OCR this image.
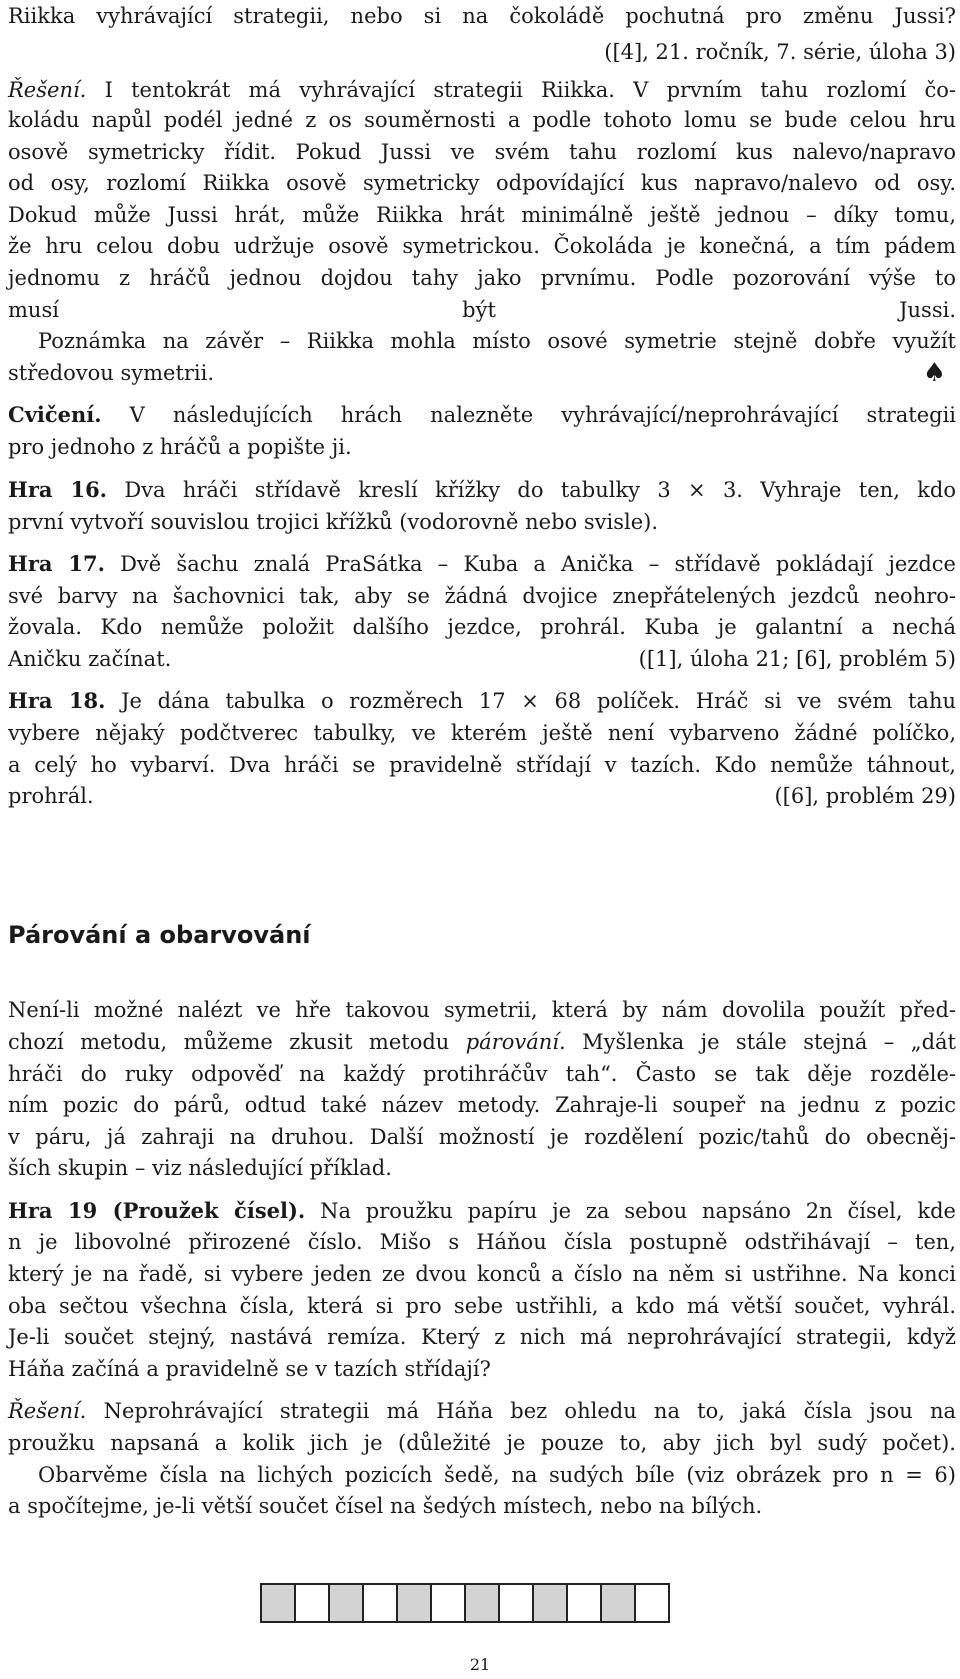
Riikka vyhrávající strategii, nebo si na čokoládě pochutná pro změnu Jussi?
([4], 21. ročník, 7. série, úloha 3)
Řešení. I tentokrát má vyhrávající strategii Riikka. V prvním tahu rozlomí čo-
koládu napůl podél jedné z os souměrnosti a podle tohoto lomu se bude celou hru
osově symetricky řídit. Pokud Jussi ve svém tahu rozlomí kus nalevo/napravo
od osy, rozlomí Riikka osově symetricky odpovídající kus napravo/nalevo od osy.
Dokud může Jussi hrát, může Riikka hrát minimálně ještě jednou – díky tomu,
že hru celou dobu udržuje osově symetrickou. Čokoláda je konečná, a tím pádem
jednomu z hráčů jednou dojdou tahy jako prvnímu. Podle pozorování výše to
musí být Jussi.
Poznámka na závěr – Riikka mohla místo osové symetrie stejně dobře využít
středovou symetrii.	♠
Cvičení. V následujících hrách nalezněte vyhrávající/neprohrávající strategii
pro jednoho z hráčů a popište ji.
Hra 16. Dva hráči střídavě kreslí křížky do tabulky 3 × 3. Vyhraje ten, kdo
první vytvoří souvislou trojici křížků (vodorovně nebo svisle).
Hra 17. Dvě šachu znalá PraSátka – Kuba a Anička – střídavě pokládají jezdce
své barvy na šachovnici tak, aby se žádná dvojice znepřátelených jezdců neohro-
žovala. Kdo nemůže položit dalšího jezdce, prohrál. Kuba je galantní a nechá
Aničku začínat.	([1], úloha 21; [6], problém 5)
Hra 18. Je dána tabulka o rozměrech 17 × 68 políček. Hráč si ve svém tahu
vybere nějaký podčtverec tabulky, ve kterém ještě není vybarveno žádné políčko,
a celý ho vybarví. Dva hráči se pravidelně střídají v tazích. Kdo nemůže táhnout,
prohrál.	([6], problém 29)
Párování a obarvování
Není-li možné nalézt ve hře takovou symetrii, která by nám dovolila použít před-
chozí metodu, můžeme zkusit metodu párování. Myšlenka je stále stejná – „dát
hráči do ruky odpověď na každý protihráčův tah“. Často se tak děje rozděle-
ním pozic do párů, odtud také název metody. Zahraje-li soupeř na jednu z pozic
v páru, já zahraji na druhou. Další možností je rozdělení pozic/tahů do obecněj-
ších skupin – viz následující příklad.
Hra 19 (Proužek čísel). Na proužku papíru je za sebou napsáno 2n čísel, kde
n je libovolné přirozené číslo. Mišo s Háňou čísla postupně odstřihávají – ten,
který je na řadě, si vybere jeden ze dvou konců a číslo na něm si ustřihne. Na konci
oba sečtou všechna čísla, která si pro sebe ustřihli, a kdo má větší součet, vyhrál.
Je-li součet stejný, nastává remíza. Který z nich má neprohrávající strategii, když
Háňa začíná a pravidelně se v tazích střídají?
Řešení. Neprohrávající strategii má Háňa bez ohledu na to, jaká čísla jsou na
proužku napsaná a kolik jich je (důležité je pouze to, aby jich byl sudý počet).
Obarvěme čísla na lichých pozicích šedě, na sudých bíle (viz obrázek pro n = 6)
a spočítejme, je-li větší součet čísel na šedých místech, nebo na bílých.
21
